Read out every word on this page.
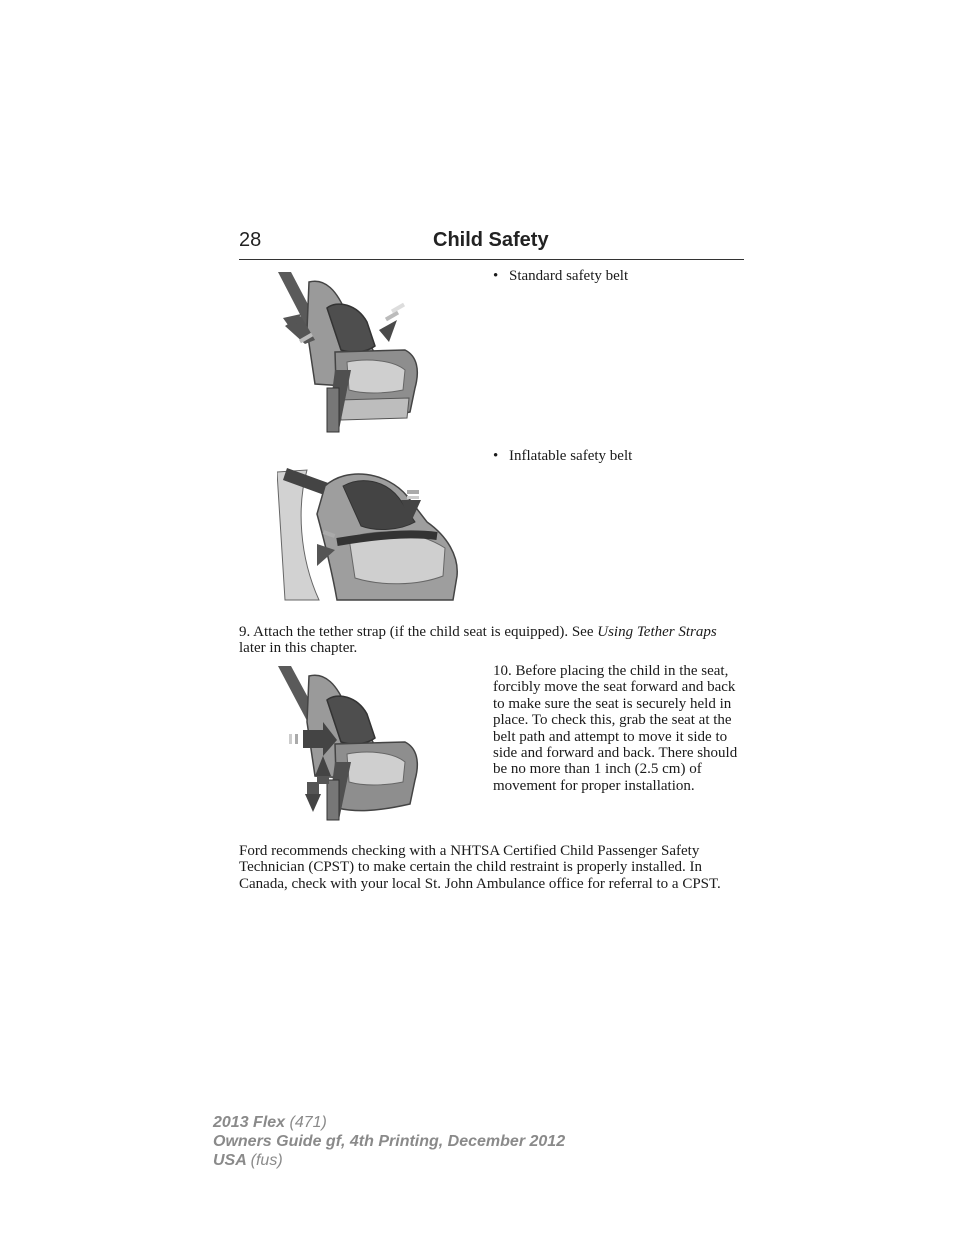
28	Child Safety
• Standard safety belt
• Inflatable safety belt
9. Attach the tether strap (if the child seat is equipped). See Using Tether Straps later in this chapter.
10. Before placing the child in the seat, forcibly move the seat forward and back to make sure the seat is securely held in place. To check this, grab the seat at the belt path and attempt to move it side to side and forward and back. There should be no more than 1 inch (2.5 cm) of movement for proper installation.
Ford recommends checking with a NHTSA Certified Child Passenger Safety Technician (CPST) to make certain the child restraint is properly installed. In Canada, check with your local St. John Ambulance office for referral to a CPST.
2013 Flex (471)
Owners Guide gf, 4th Printing, December 2012
USA (fus)
